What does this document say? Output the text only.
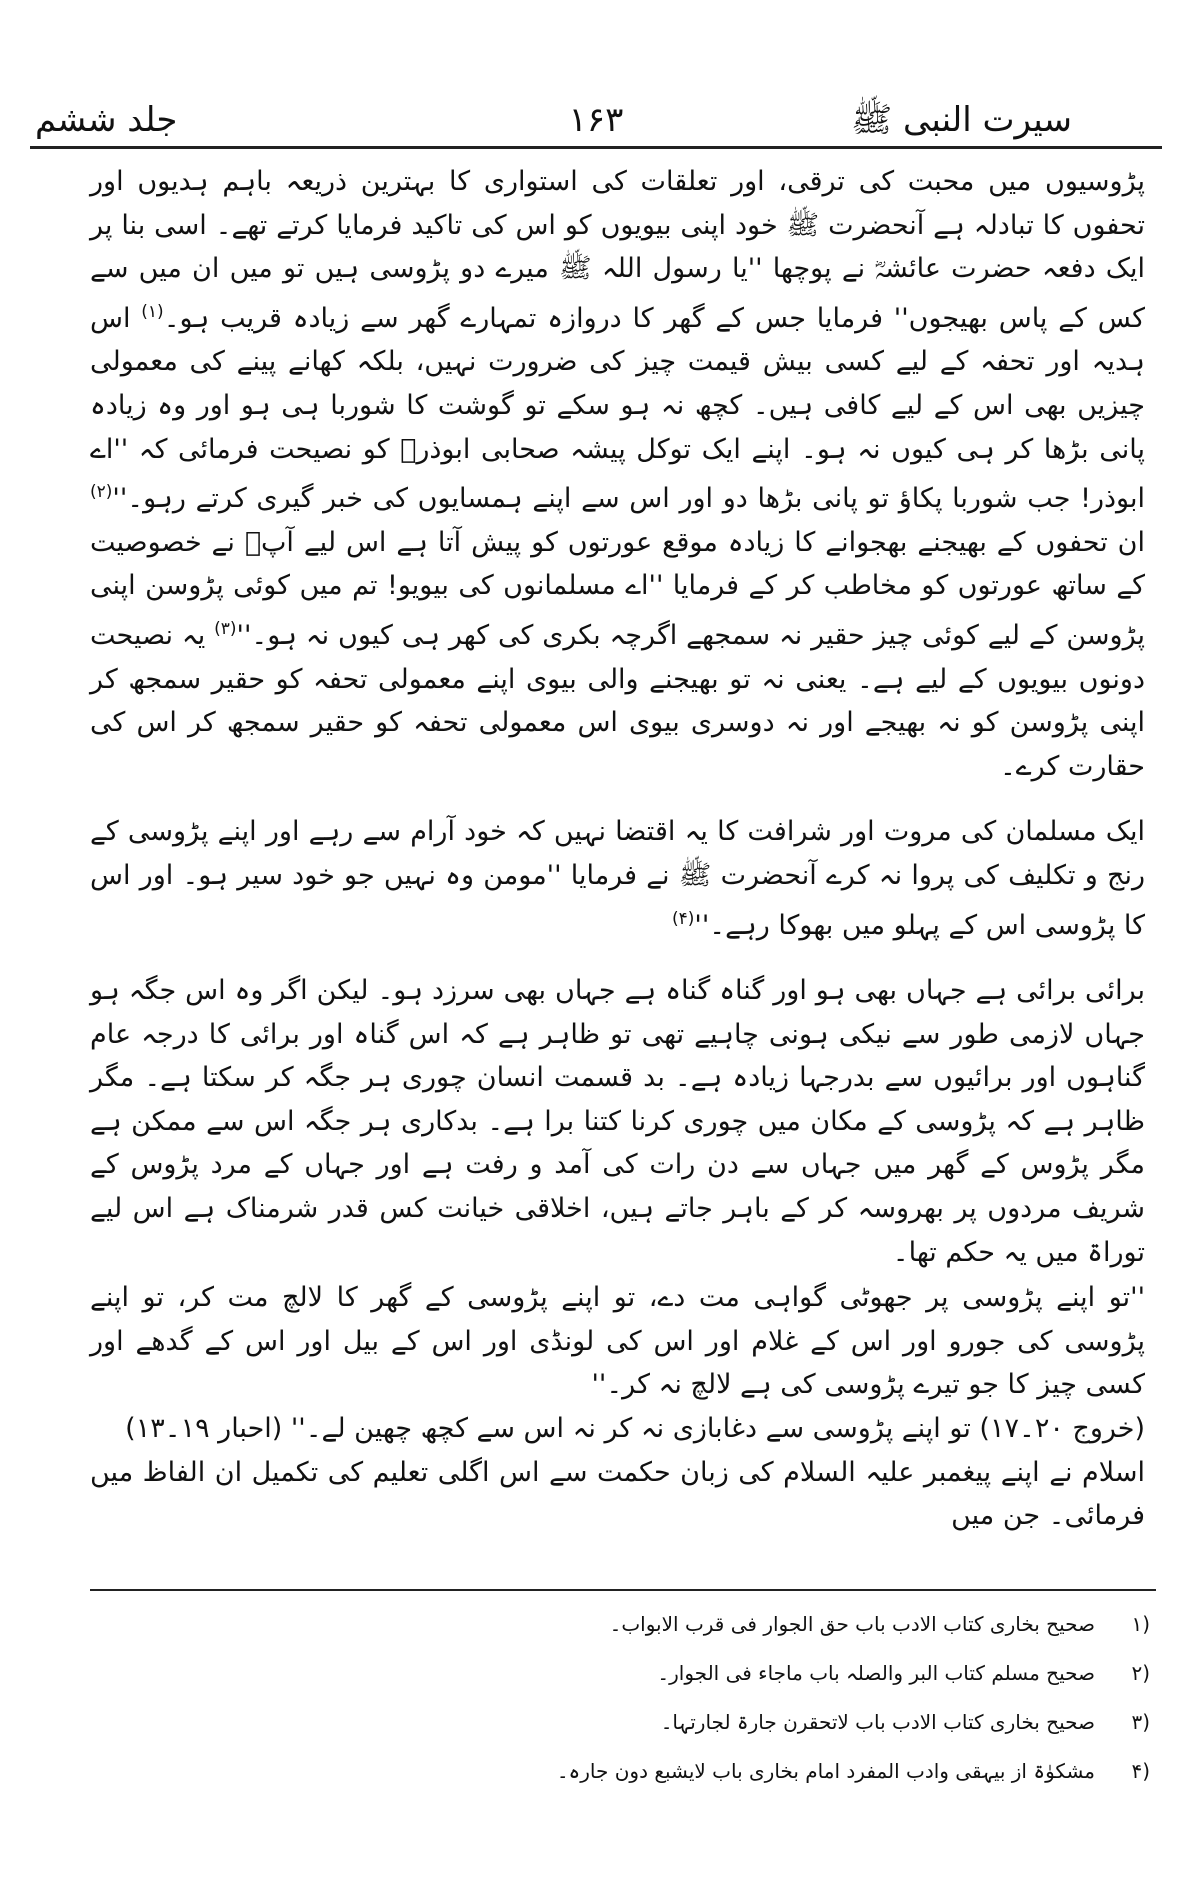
سیرت النبی ﷺ
۱۶۳
جلد ششم

پڑوسیوں میں محبت کی ترقی، اور تعلقات کی استواری کا بہترین ذریعہ باہم ہدیوں اور تحفوں کا تبادلہ ہے آنحضرت ﷺ خود اپنی بیویوں کو اس کی تاکید فرمایا کرتے تھے۔ اسی بنا پر ایک دفعہ حضرت عائشہؓ نے پوچھا ''یا رسول اللہ ﷺ میرے دو پڑوسی ہیں تو میں ان میں سے کس کے پاس بھیجوں'' فرمایا جس کے گھر کا دروازہ تمہارے گھر سے زیادہ قریب ہو۔$^{(۱)}$ اس ہدیہ اور تحفہ کے لیے کسی بیش قیمت چیز کی ضرورت نہیں، بلکہ کھانے پینے کی معمولی چیزیں بھی اس کے لیے کافی ہیں۔ کچھ نہ ہو سکے تو گوشت کا شوربا ہی ہو اور وہ زیادہ پانی بڑھا کر ہی کیوں نہ ہو۔ اپنے ایک توکل پیشہ صحابی ابوذرؓ کو نصیحت فرمائی کہ ''اے ابوذر! جب شوربا پکاؤ تو پانی بڑھا دو اور اس سے اپنے ہمسایوں کی خبر گیری کرتے رہو۔''$^{(۲)}$ ان تحفوں کے بھیجنے بھجوانے کا زیادہ موقع عورتوں کو پیش آتا ہے اس لیے آپؐ نے خصوصیت کے ساتھ عورتوں کو مخاطب کر کے فرمایا ''اے مسلمانوں کی بیویو! تم میں کوئی پڑوسن اپنی پڑوسن کے لیے کوئی چیز حقیر نہ سمجھے اگرچہ بکری کی کھر ہی کیوں نہ ہو۔''$^{(۳)}$ یہ نصیحت دونوں بیویوں کے لیے ہے۔ یعنی نہ تو بھیجنے والی بیوی اپنے معمولی تحفہ کو حقیر سمجھ کر اپنی پڑوسن کو نہ بھیجے اور نہ دوسری بیوی اس معمولی تحفہ کو حقیر سمجھ کر اس کی حقارت کرے۔

ایک مسلمان کی مروت اور شرافت کا یہ اقتضا نہیں کہ خود آرام سے رہے اور اپنے پڑوسی کے رنج و تکلیف کی پروا نہ کرے آنحضرت ﷺ نے فرمایا ''مومن وہ نہیں جو خود سیر ہو۔ اور اس کا پڑوسی اس کے پہلو میں بھوکا رہے۔''$^{(۴)}$

برائی برائی ہے جہاں بھی ہو اور گناہ گناہ ہے جہاں بھی سرزد ہو۔ لیکن اگر وہ اس جگہ ہو جہاں لازمی طور سے نیکی ہونی چاہیے تھی تو ظاہر ہے کہ اس گناہ اور برائی کا درجہ عام گناہوں اور برائیوں سے بدرجہا زیادہ ہے۔ بد قسمت انسان چوری ہر جگہ کر سکتا ہے۔ مگر ظاہر ہے کہ پڑوسی کے مکان میں چوری کرنا کتنا برا ہے۔ بدکاری ہر جگہ اس سے ممکن ہے مگر پڑوس کے گھر میں جہاں سے دن رات کی آمد و رفت ہے اور جہاں کے مرد پڑوس کے شریف مردوں پر بھروسہ کر کے باہر جاتے ہیں، اخلاقی خیانت کس قدر شرمناک ہے اس لیے توراۃ میں یہ حکم تھا۔

''تو اپنے پڑوسی پر جھوٹی گواہی مت دے، تو اپنے پڑوسی کے گھر کا لالچ مت کر، تو اپنے پڑوسی کی جورو اور اس کے غلام اور اس کی لونڈی اور اس کے بیل اور اس کے گدھے اور کسی چیز کا جو تیرے پڑوسی کی ہے لالچ نہ کر۔''

(خروج ۲۰۔۱۷) تو اپنے پڑوسی سے دغابازی نہ کر نہ اس سے کچھ چھین لے۔'' (احبار ۱۹۔۱۳)

اسلام نے اپنے پیغمبر علیہ السلام کی زبان حکمت سے اس اگلی تعلیم کی تکمیل ان الفاظ میں فرمائی۔ جن میں

(۱
صحیح بخاری کتاب الادب باب حق الجوار فی قرب الابواب۔
(۲
صحیح مسلم کتاب البر والصلہ باب ماجاء فی الجوار۔
(۳
صحیح بخاری کتاب الادب باب لاتحقرن جارۃ لجارتہا۔
(۴
مشکوٰۃ از بیہقی وادب المفرد امام بخاری باب لایشبع دون جارہ۔
